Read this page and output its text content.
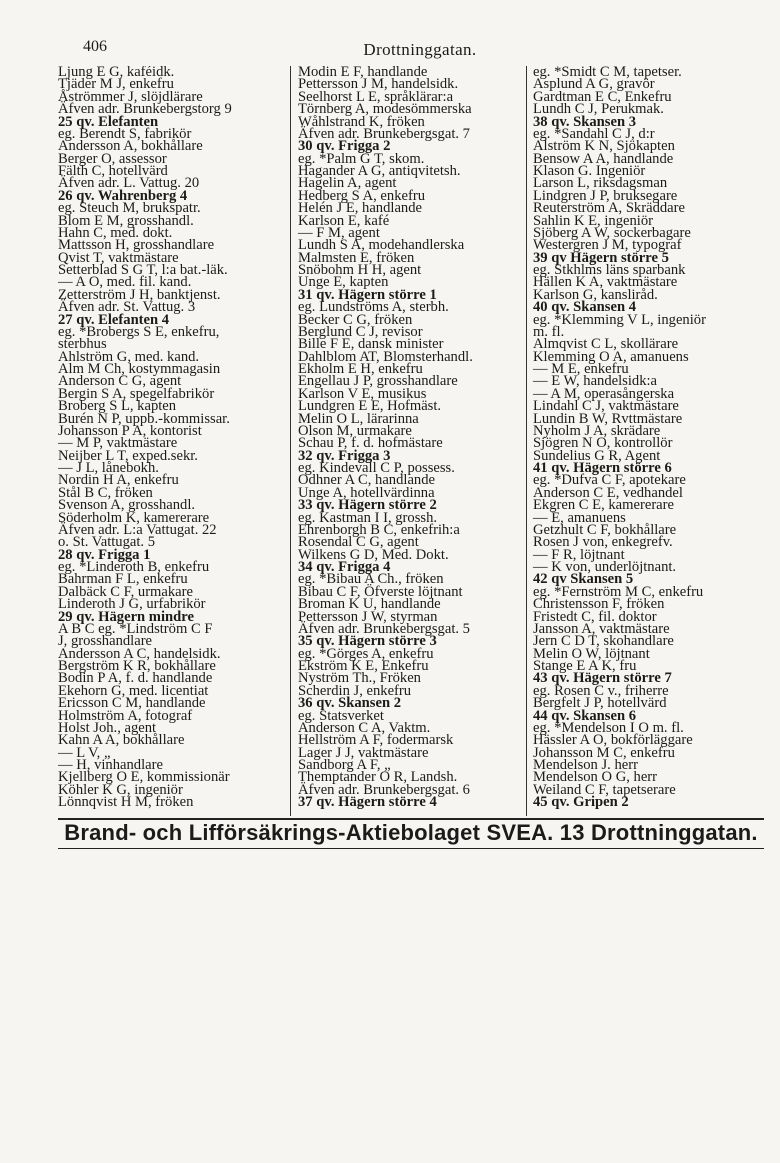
406	Drottninggatan.
Ljung E G, kaféidk.
Tjäder M J, enkefru
Åströmmer J, slöjdlärare
Äfven adr. Brunkebergstorg 9
25 qv. Elefanten
eg. Berendt S, fabrikör
Andersson A, bokhållare
Berger O, assessor
Fälth C, hotellvärd
Äfven adr. L. Vattug. 20
26 qv. Wahrenberg 4
eg. Steuch M, brukspatr.
Blom E M, grosshandl.
Hahn C, med. dokt.
Mattsson H, grosshandlare
Qvist T, vaktmästare
Setterblad S G T, l:a bat.-läk.
— A O, med. fil. kand.
Zetterström J H, banktjenst.
Äfven adr. St. Vattug. 3
27 qv. Elefanten 4
eg. *Brobergs S E, enkefru,
sterbhus
Ahlström G, med. kand.
Alm M Ch, kostymmagasin
Anderson C G, agent
Bergin S A, spegelfabrikör
Broberg S L, kapten
Burén N P, uppb.-kommissar.
Johansson P A, kontorist
— M P, vaktmästare
Neijber L T, exped.sekr.
— J L, lånebokh.
Nordin H A, enkefru
Stål B C, fröken
Svenson A, grosshandl.
Söderholm K, kamererare
Äfven adr. L:a Vattugat. 22
o. St. Vattugat. 5
28 qv. Frigga 1
eg. *Linderoth B, enkefru
Bahrman F L, enkefru
Dalbäck C F, urmakare
Linderoth J G, urfabrikör
29 qv. Hägern mindre
A B C eg. *Lindström C F
J, grosshandlare
Andersson A C, handelsidk.
Bergström K R, bokhållare
Bodin P A, f. d. handlande
Ekehorn G, med. licentiat
Ericsson C M, handlande
Holmström A, fotograf
Holst Joh., agent
Kahn A A, bokhållare
— L V, „
— H, vinhandlare
Kjellberg O E, kommissionär
Köhler K G, ingeniör
Lönnqvist H M, fröken
Modin E F, handlande
Pettersson J M, handelsidk.
Seelhorst L E, språklärar:a
Törnberg A, modesömmerska
Wåhlstrand K, fröken
Äfven adr. Brunkebergsgat. 7
30 qv. Frigga 2
eg. *Palm G T, skom.
Hagander A G, antiqvitetsh.
Hagelin A, agent
Hedberg S A, enkefru
Helén J E, handlande
Karlson E, kafé
— F M, agent
Lundh S A, modehandlerska
Malmsten E, fröken
Snöbohm H H, agent
Unge E, kapten
31 qv. Hägern större 1
eg. Lundströms A, sterbh.
Becker C G, fröken
Berglund C J, revisor
Bille F E, dansk minister
Dahlblom AT, Blomsterhandl.
Ekholm E H, enkefru
Engellau J P, grosshandlare
Karlson V E, musikus
Lundgren E E, Hofmäst.
Melin O L, lärarinna
Olson M, urmakare
Schau P, f. d. hofmästare
32 qv. Frigga 3
eg. Kindevall C P, possess.
Odhner A C, handlande
Unge A, hotellvärdinna
33 qv. Hägern större 2
eg. Kastman I I, grossh.
Ehrenborgh B C, enkefrih:a
Rosendal C G, agent
Wilkens G D, Med. Dokt.
34 qv. Frigga 4
eg. *Bibau A Ch., fröken
Bibau C F, Öfverste löjtnant
Broman K U, handlande
Pettersson J W, styrman
Äfven adr. Brunkebergsgat. 5
35 qv. Hägern större 3
eg. *Görges A, enkefru
Ekström K E, Enkefru
Nyström Th., Fröken
Scherdin J, enkefru
36 qv. Skansen 2
eg. Statsverket
Anderson C A, Vaktm.
Hellström A F, fodermarsk
Lager J J, vaktmästare
Sandborg A F, „
Themptander O R, Landsh.
Äfven adr. Brunkebergsgat. 6
37 qv. Hägern större 4
eg. *Smidt C M, tapetser.
Asplund A G, gravör
Gardtman E C, Enkefru
Lundh C J, Perukmak.
38 qv. Skansen 3
eg. *Sandahl C J, d:r
Alström K N, Sjökapten
Bensow A A, handlande
Klason G. Ingeniör
Larson L, riksdagsman
Lindgren J P, bruksegare
Reuterström A, Skräddare
Sahlin K E, ingeniör
Sjöberg A W, sockerbagare
Westergren J M, typograf
39 qv Hägern större 5
eg. Stkhlms läns sparbank
Hällen K A, vaktmästare
Karlson G, kansliråd.
40 qv. Skansen 4
eg. *Klemming V L, ingeniör
m. fl.
Almqvist C L, skollärare
Klemming O A, amanuens
— M E, enkefru
— E W, handelsidk:a
— A M, operasångerska
Lindahl C J, vaktmästare
Lundin B W, Rvttmästare
Nyholm J A, skrädare
Sjögren N O, kontrollör
Sundelius G R, Agent
41 qv. Hägern större 6
eg. *Dufva C F, apotekare
Anderson C E, vedhandel
Ekgren C E, kamererare
— E, amanuens
Getzhult C F, bokhållare
Rosen J von, enkegrefv.
— F R, löjtnant
— K von, underlöjtnant.
42 qv Skansen 5
eg. *Fernström M C, enkefru
Christensson F, fröken
Fristedt C, fil. doktor
Jansson A, vaktmästare
Jern C D T, skohandlare
Melin O W, löjtnant
Stange E A K, fru
43 qv. Hägern större 7
eg. Rosen C v., friherre
Bergfelt J P, hotellvärd
44 qv. Skansen 6
eg. *Mendelson I O m. fl.
Hässler A O, bokförläggare
Johansson M C, enkefru
Mendelson J. herr
Mendelson O G, herr
Weiland C F, tapetserare
45 qv. Gripen 2
Brand- och Lifförsäkrings-Aktiebolaget SVEA. 13 Drottninggatan.
